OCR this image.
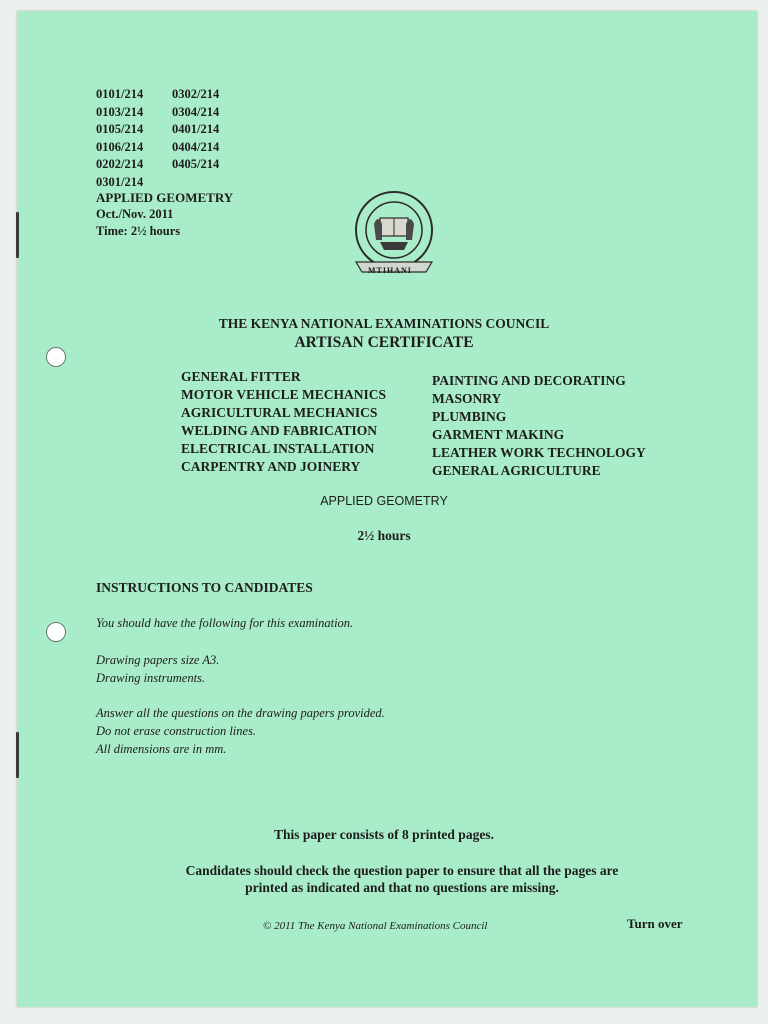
0101/214 0302/214
0103/214 0304/214
0105/214 0401/214
0106/214 0404/214
0202/214 0405/214
0301/214
APPLIED GEOMETRY
Oct./Nov. 2011
Time: 2½ hours
MTIHANI
THE KENYA NATIONAL EXAMINATIONS COUNCIL
ARTISAN CERTIFICATE
GENERAL FITTER
MOTOR VEHICLE MECHANICS
AGRICULTURAL MECHANICS
WELDING AND FABRICATION
ELECTRICAL INSTALLATION
CARPENTRY AND JOINERY
PAINTING AND DECORATING
MASONRY
PLUMBING
GARMENT MAKING
LEATHER WORK TECHNOLOGY
GENERAL AGRICULTURE
APPLIED GEOMETRY
2½ hours
INSTRUCTIONS TO CANDIDATES
You should have the following for this examination.
Drawing papers size A3.
Drawing instruments.
Answer all the questions on the drawing papers provided.
Do not erase construction lines.
All dimensions are in mm.
This paper consists of 8 printed pages.
Candidates should check the question paper to ensure that all the pages are
printed as indicated and that no questions are missing.
© 2011 The Kenya National Examinations Council	Turn over
